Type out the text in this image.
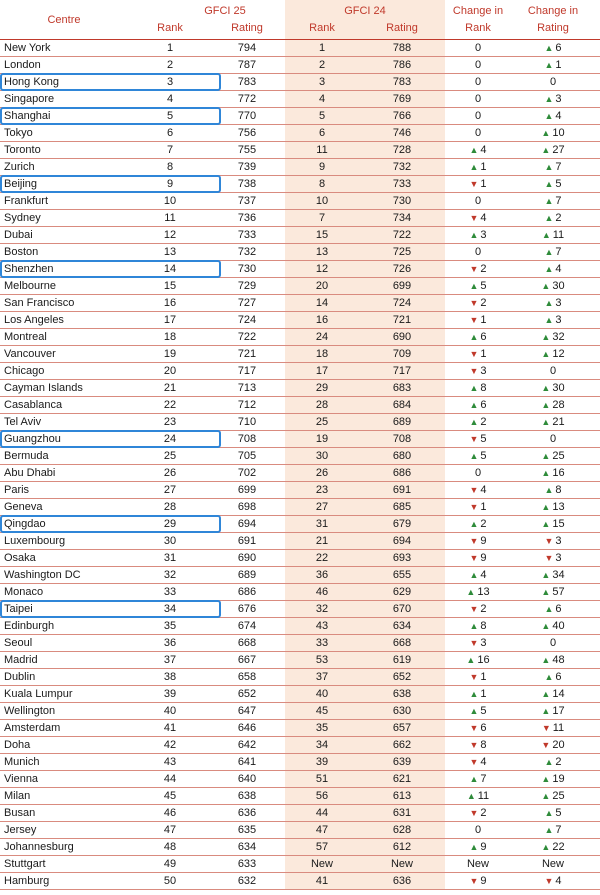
Centre
GFCI 25
Rank	Rating
GFCI 24
Rank	Rating
Change in
Rank
Change in
Rating
New York	1	794	1	788	0	▲ 6
London	2	787	2	786	0	▲ 1
Hong Kong	3	783	3	783	0	0
Singapore	4	772	4	769	0	▲ 3
Shanghai	5	770	5	766	0	▲ 4
Tokyo	6	756	6	746	0	▲ 10
Toronto	7	755	11	728	▲ 4	▲ 27
Zurich	8	739	9	732	▲ 1	▲ 7
Beijing	9	738	8	733	▼ 1	▲ 5
Frankfurt	10	737	10	730	0	▲ 7
Sydney	11	736	7	734	▼ 4	▲ 2
Dubai	12	733	15	722	▲ 3	▲ 11
Boston	13	732	13	725	0	▲ 7
Shenzhen	14	730	12	726	▼ 2	▲ 4
Melbourne	15	729	20	699	▲ 5	▲ 30
San Francisco	16	727	14	724	▼ 2	▲ 3
Los Angeles	17	724	16	721	▼ 1	▲ 3
Montreal	18	722	24	690	▲ 6	▲ 32
Vancouver	19	721	18	709	▼ 1	▲ 12
Chicago	20	717	17	717	▼ 3	0
Cayman Islands	21	713	29	683	▲ 8	▲ 30
Casablanca	22	712	28	684	▲ 6	▲ 28
Tel Aviv	23	710	25	689	▲ 2	▲ 21
Guangzhou	24	708	19	708	▼ 5	0
Bermuda	25	705	30	680	▲ 5	▲ 25
Abu Dhabi	26	702	26	686	0	▲ 16
Paris	27	699	23	691	▼ 4	▲ 8
Geneva	28	698	27	685	▼ 1	▲ 13
Qingdao	29	694	31	679	▲ 2	▲ 15
Luxembourg	30	691	21	694	▼ 9	▼ 3
Osaka	31	690	22	693	▼ 9	▼ 3
Washington DC	32	689	36	655	▲ 4	▲ 34
Monaco	33	686	46	629	▲ 13	▲ 57
Taipei	34	676	32	670	▼ 2	▲ 6
Edinburgh	35	674	43	634	▲ 8	▲ 40
Seoul	36	668	33	668	▼ 3	0
Madrid	37	667	53	619	▲ 16	▲ 48
Dublin	38	658	37	652	▼ 1	▲ 6
Kuala Lumpur	39	652	40	638	▲ 1	▲ 14
Wellington	40	647	45	630	▲ 5	▲ 17
Amsterdam	41	646	35	657	▼ 6	▼ 11
Doha	42	642	34	662	▼ 8	▼ 20
Munich	43	641	39	639	▼ 4	▲ 2
Vienna	44	640	51	621	▲ 7	▲ 19
Milan	45	638	56	613	▲ 11	▲ 25
Busan	46	636	44	631	▼ 2	▲ 5
Jersey	47	635	47	628	0	▲ 7
Johannesburg	48	634	57	612	▲ 9	▲ 22
Stuttgart	49	633	New	New	New	New
Hamburg	50	632	41	636	▼ 9	▼ 4
